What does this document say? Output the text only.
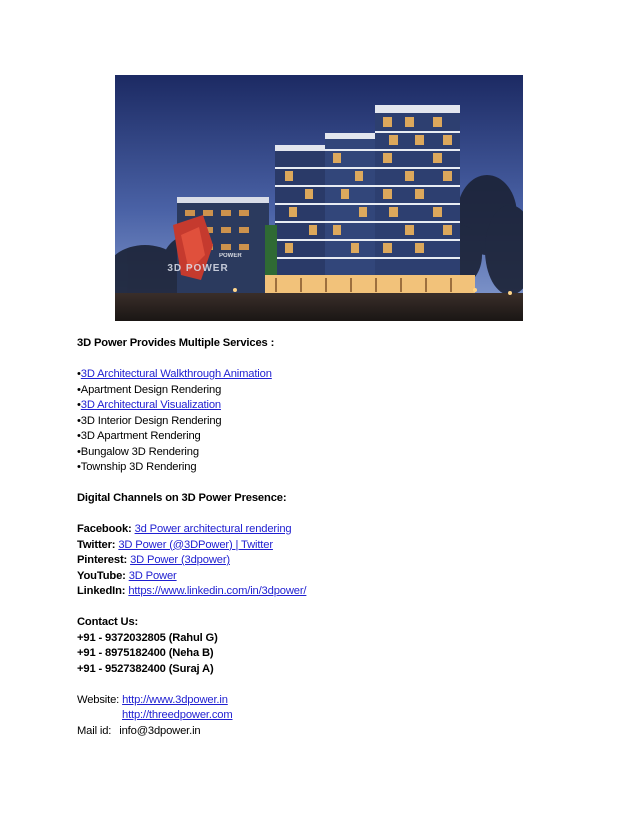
3D POWER
POWER

3D Power Provides Multiple Services :

•3D Architectural Walkthrough Animation

•Apartment Design Rendering

•3D Architectural Visualization

•3D Interior Design Rendering

•3D Apartment Rendering

•Bungalow 3D Rendering

•Township 3D Rendering

Digital Channels on 3D Power Presence:

Facebook: 3d Power architectural rendering

Twitter: 3D Power (@3DPower) | Twitter

Pinterest: 3D Power (3dpower)

YouTube: 3D Power

LinkedIn: https://www.linkedin.com/in/3dpower/

Contact Us:

+91 - 9372032805 (Rahul G)

+91 - 8975182400 (Neha B)

+91 - 9527382400 (Suraj A)

Website: http://www.3dpower.in

http://threedpower.com

Mail id: info@3dpower.in
